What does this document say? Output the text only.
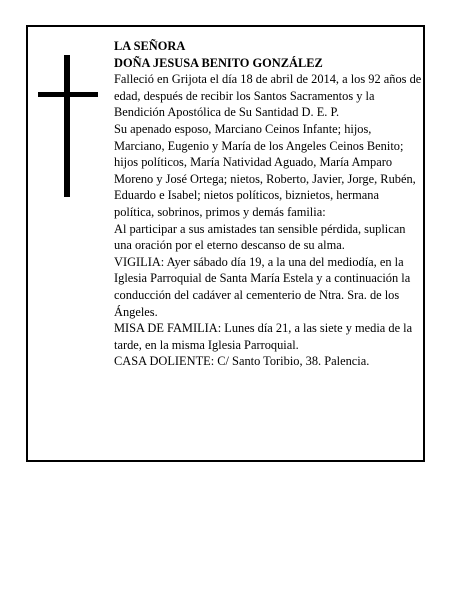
LA SEÑORA

DOÑA JESUSA BENITO GONZÁLEZ

Falleció en Grijota el día 18 de abril de 2014, a los 92 años de edad, después de recibir los Santos Sacramentos y la Bendición Apostólica de Su Santidad D. E. P.

Su apenado esposo, Marciano Ceinos Infante; hijos, Marciano, Eugenio y María de los Angeles Ceinos Benito; hijos políticos, María Natividad Aguado, María Amparo Moreno y José Ortega; nietos, Roberto, Javier, Jorge, Rubén, Eduardo e Isabel; nietos políticos, biznietos, hermana política, sobrinos, primos y demás familia:

Al participar a sus amistades tan sensible pérdida, suplican una oración por el eterno descanso de su alma.

VIGILIA: Ayer sábado día 19, a la una del mediodía, en la Iglesia Parroquial de Santa María Estela y a continuación la conducción del cadáver al cementerio de Ntra. Sra. de los Ángeles.

MISA DE FAMILIA: Lunes día 21, a las siete y media de la tarde, en la misma Iglesia Parroquial.

CASA DOLIENTE: C/ Santo Toribio, 38. Palencia.
